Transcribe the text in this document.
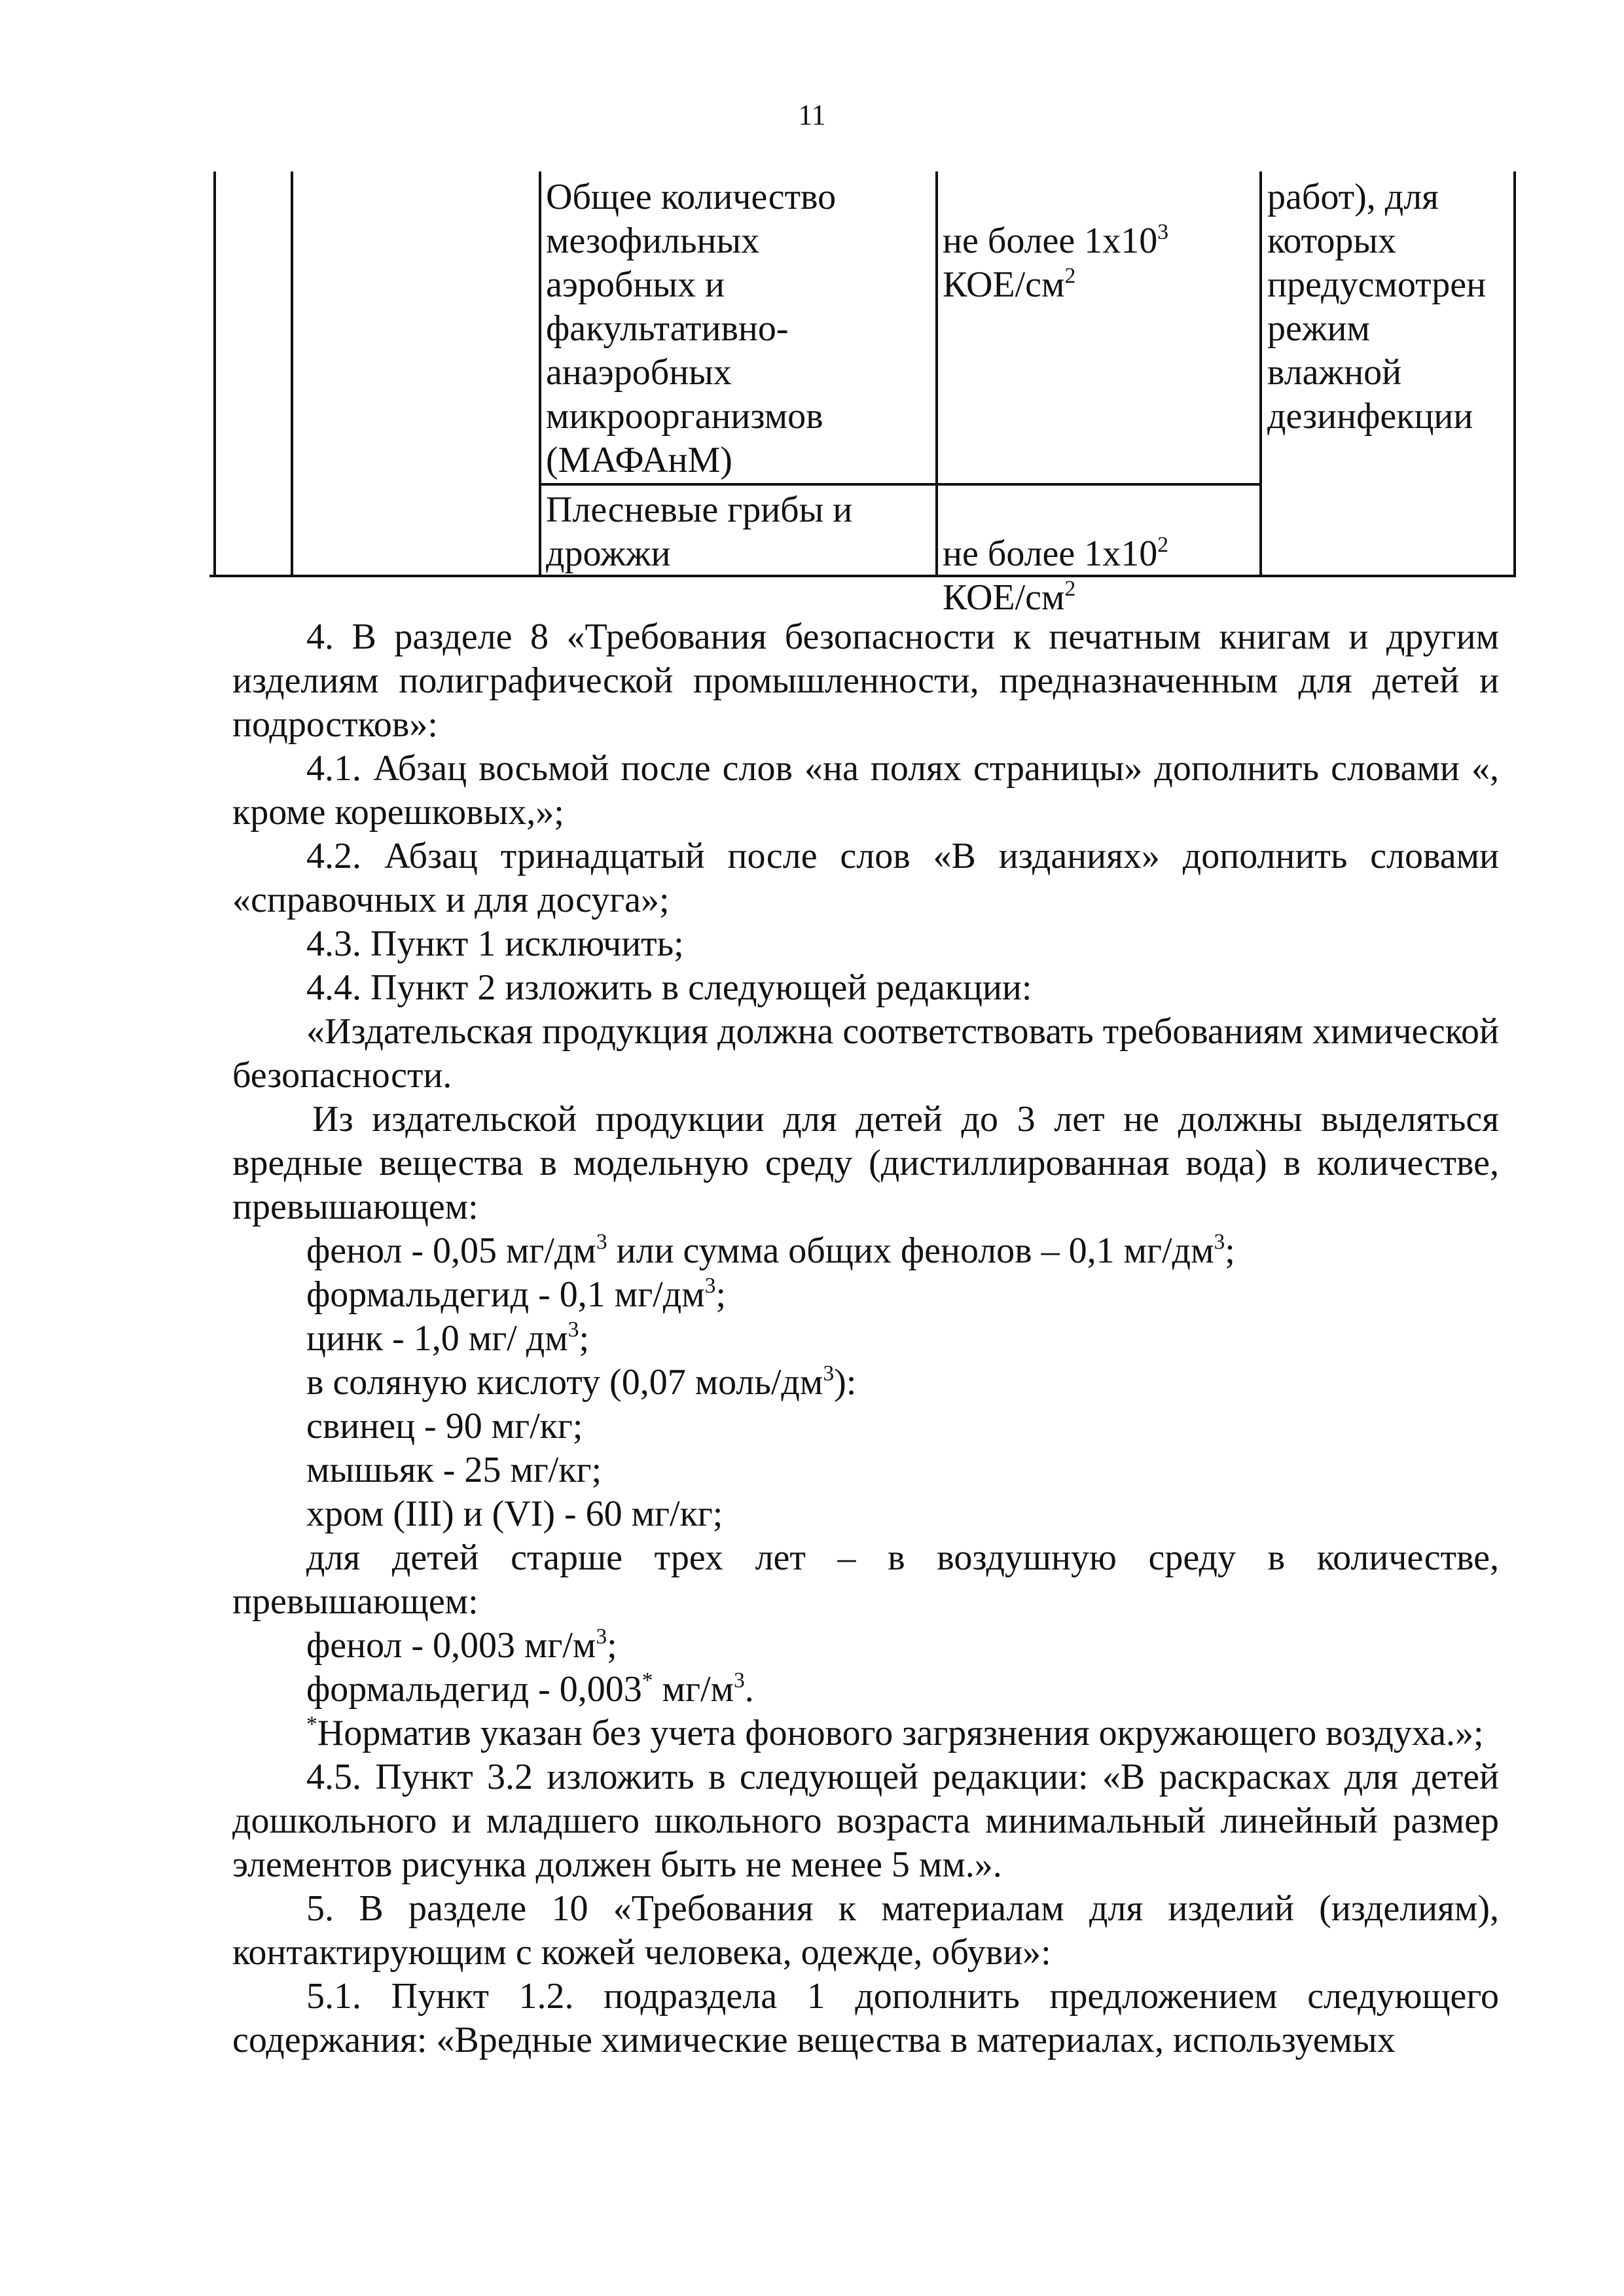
11
Общее количество
мезофильных
аэробных и
факультативно-
анаэробных
микроорганизмов
(МАФАнМ)

не более $1х10^3$
КОЕ/$см^2$

работ), для
которых
предусмотрен
режим
влажной
дезинфекции
Плесневые грибы и
дрожжи	не более $1х10^2$
КОЕ/$см^2$

4. В разделе 8 «Требования безопасности к печатным книгам и другим изделиям полиграфической промышленности, предназначенным для детей и подростков»:

4.1. Абзац восьмой после слов «на полях страницы» дополнить словами «, кроме корешковых,»;

4.2. Абзац тринадцатый после слов «В изданиях» дополнить словами «справочных и для досуга»;

4.3. Пункт 1 исключить;

4.4. Пункт 2 изложить в следующей редакции:

«Издательская продукция должна соответствовать требованиям химической безопасности.

Из издательской продукции для детей до 3 лет не должны выделяться вредные вещества в модельную среду (дистиллированная вода) в количестве, превышающем:

фенол - 0,05 $мг/дм^3$ или сумма общих фенолов – 0,1 $мг/дм^3$;

формальдегид - 0,1 $мг/дм^3$;

цинк - 1,0 мг/ $дм^3$;

в соляную кислоту (0,07 моль/$дм^3$):

свинец - 90 мг/кг;

мышьяк - 25 мг/кг;

хром (III) и (VI) - 60 мг/кг;

для детей старше трех лет – в воздушную среду в количестве, превышающем:

фенол - 0,003 $мг/м^3$;

формальдегид - 0,003* $мг/м^3$.

*Норматив указан без учета фонового загрязнения окружающего воздуха.»;

4.5. Пункт 3.2 изложить в следующей редакции: «В раскрасках для детей дошкольного и младшего школьного возраста минимальный линейный размер элементов рисунка должен быть не менее 5 мм.».

5. В разделе 10 «Требования к материалам для изделий (изделиям), контактирующим с кожей человека, одежде, обуви»:

5.1. Пункт 1.2. подраздела 1 дополнить предложением следующего содержания: «Вредные химические вещества в материалах, используемых
